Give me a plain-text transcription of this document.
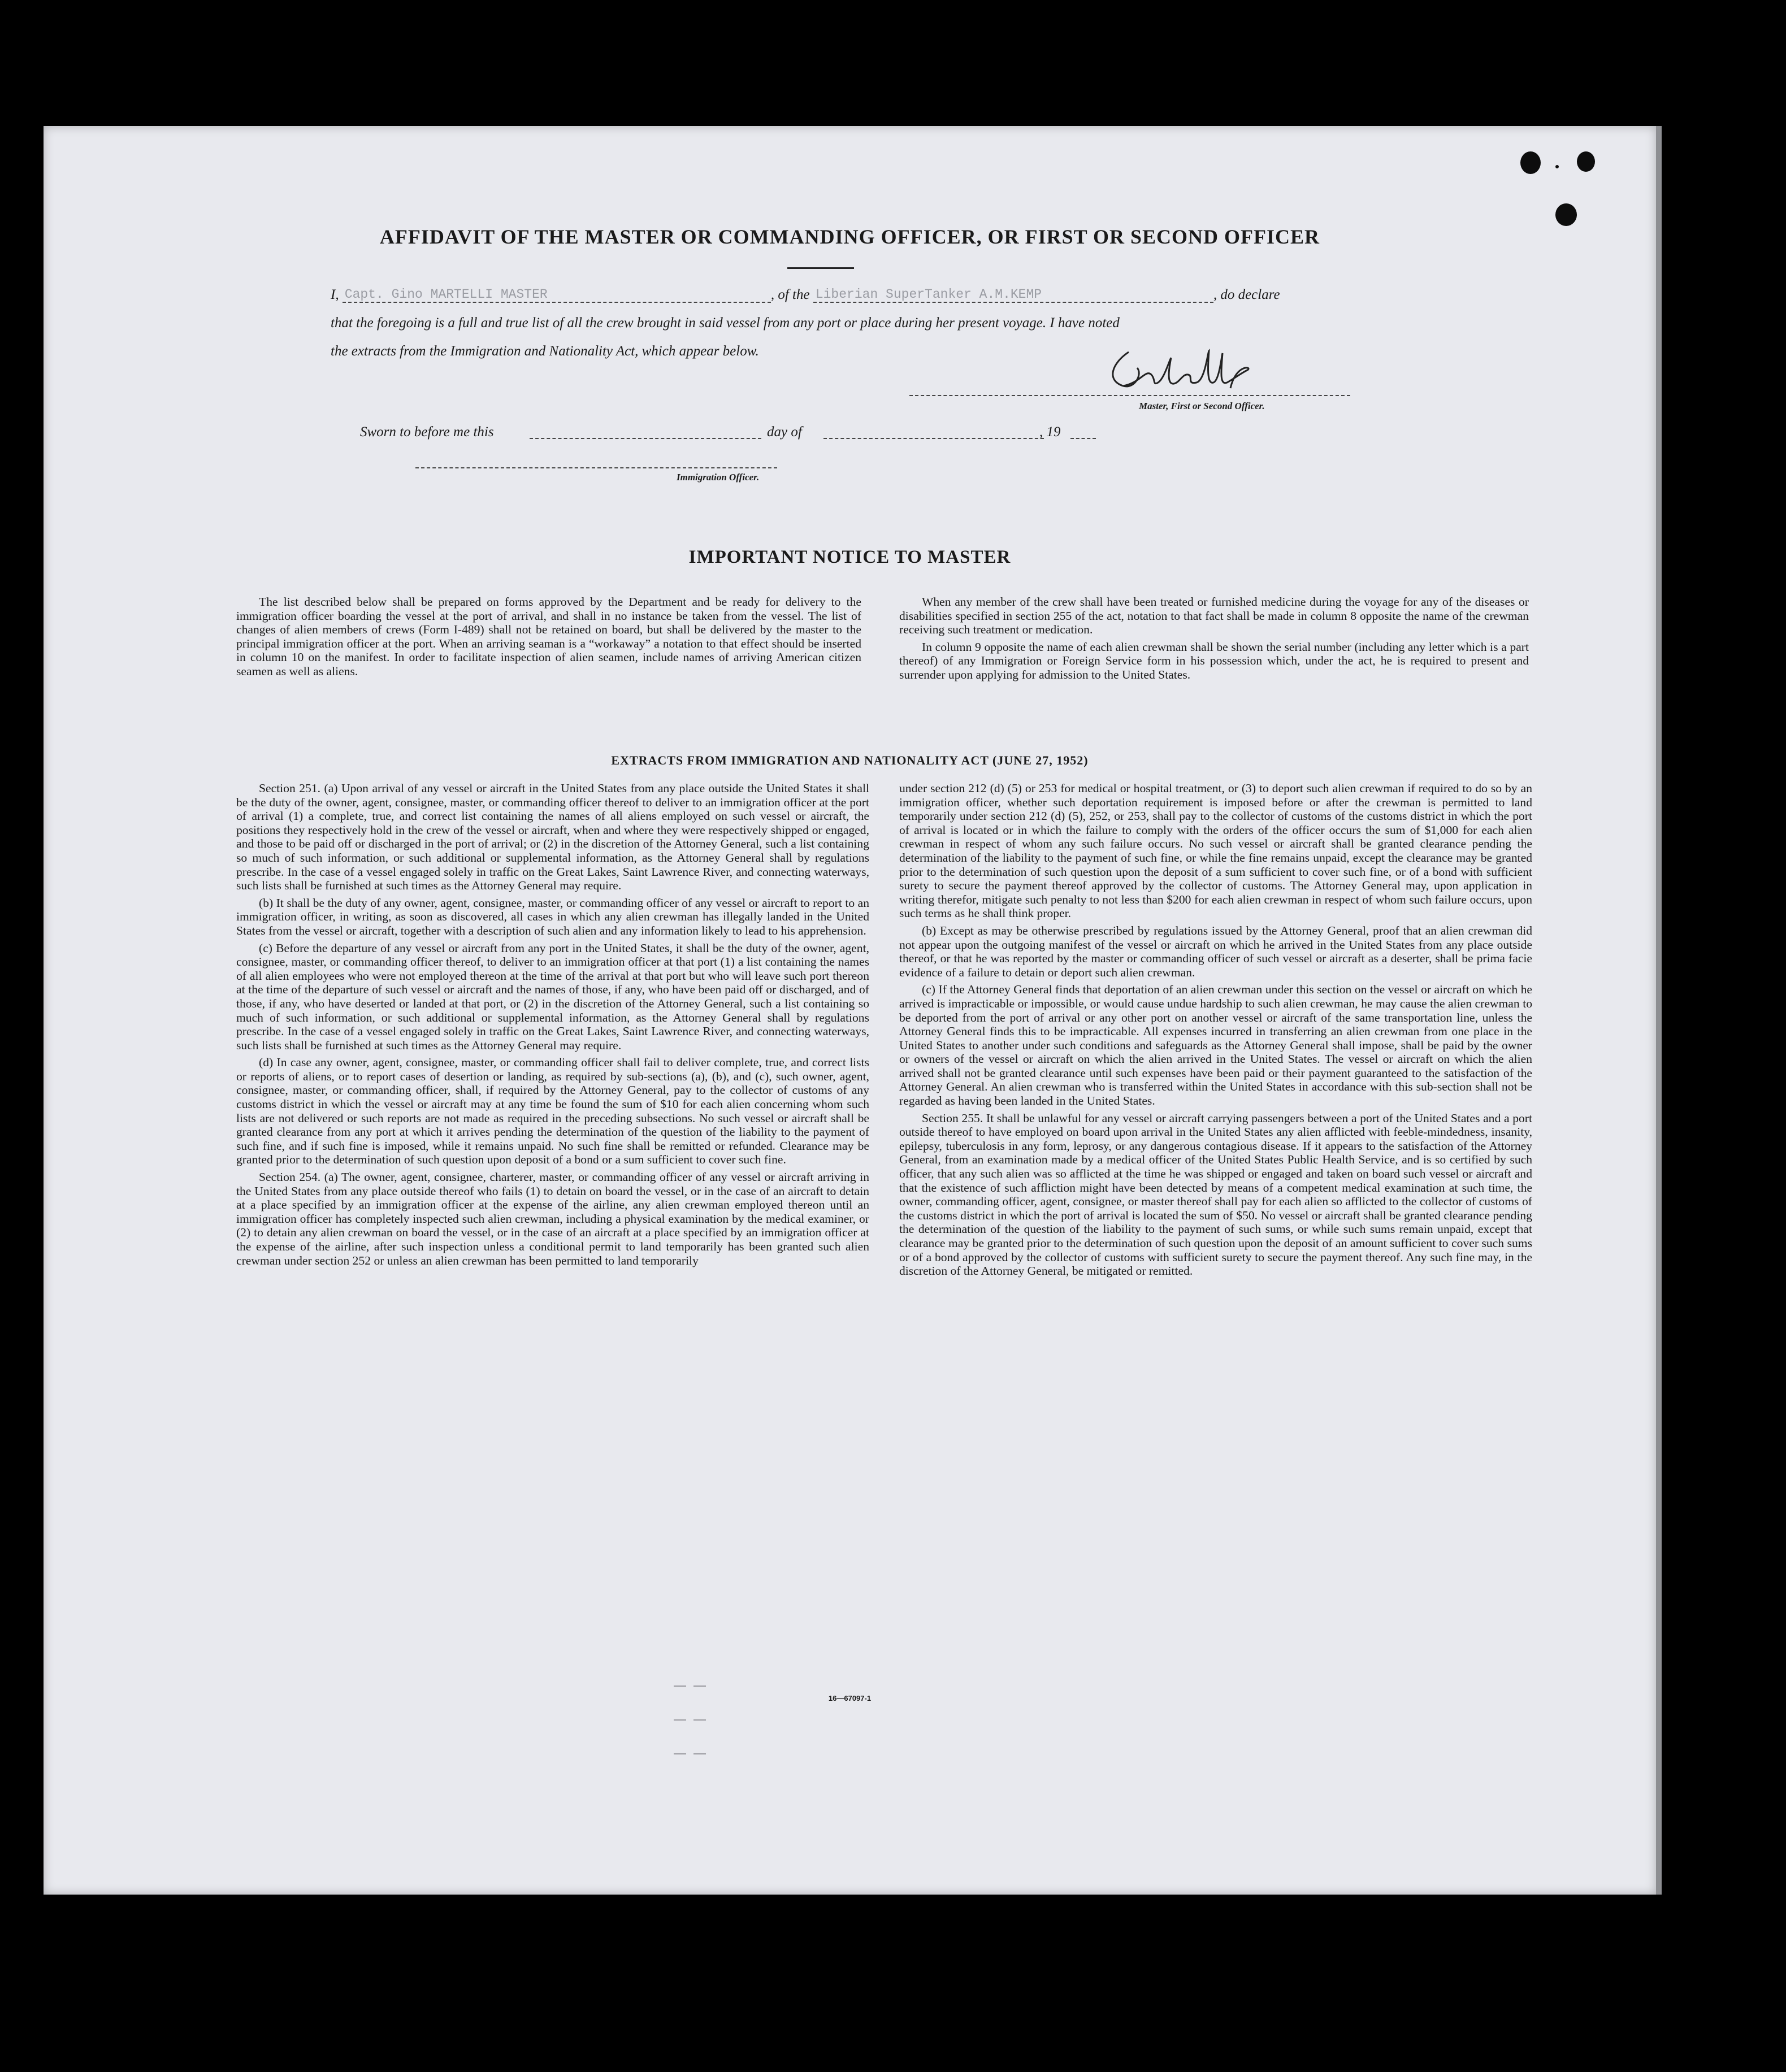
AFFIDAVIT OF THE MASTER OR COMMANDING OFFICER, OR FIRST OR SECOND OFFICER
I, Capt. Gino MARTELLI MASTER	, of the Liberian SuperTanker A.M.KEMP	, do declare
that the foregoing is a full and true list of all the crew brought in said vessel from any port or place during her present voyage. I have noted
the extracts from the Immigration and Nationality Act, which appear below.
Master, First or Second Officer.
Sworn to before me this	day of	, 19
Immigration Officer.
IMPORTANT NOTICE TO MASTER

The list described below shall be prepared on forms approved by the Department and be ready for delivery to the immigration officer boarding the vessel at the port of arrival, and shall in no instance be taken from the vessel. The list of changes of alien members of crews (Form I-489) shall not be retained on board, but shall be delivered by the master to the principal immigration officer at the port. When an arriving seaman is a “workaway” a notation to that effect should be inserted in column 10 on the manifest. In order to facilitate inspection of alien seamen, include names of arriving American citizen seamen as well as aliens.

When any member of the crew shall have been treated or furnished medicine during the voyage for any of the diseases or disabilities specified in section 255 of the act, notation to that fact shall be made in column 8 opposite the name of the crewman receiving such treatment or medication.

In column 9 opposite the name of each alien crewman shall be shown the serial number (including any letter which is a part thereof) of any Immigration or Foreign Service form in his possession which, under the act, he is required to present and surrender upon applying for admission to the United States.

EXTRACTS FROM IMMIGRATION AND NATIONALITY ACT (JUNE 27, 1952)

Section 251. (a) Upon arrival of any vessel or aircraft in the United States from any place outside the United States it shall be the duty of the owner, agent, consignee, master, or commanding officer thereof to deliver to an immigration officer at the port of arrival (1) a complete, true, and correct list containing the names of all aliens employed on such vessel or aircraft, the positions they respectively hold in the crew of the vessel or aircraft, when and where they were respectively shipped or engaged, and those to be paid off or discharged in the port of arrival; or (2) in the discretion of the Attorney General, such a list containing so much of such information, or such additional or supplemental information, as the Attorney General shall by regulations prescribe. In the case of a vessel engaged solely in traffic on the Great Lakes, Saint Lawrence River, and connecting waterways, such lists shall be furnished at such times as the Attorney General may require.

(b) It shall be the duty of any owner, agent, consignee, master, or commanding officer of any vessel or aircraft to report to an immigration officer, in writing, as soon as discovered, all cases in which any alien crewman has illegally landed in the United States from the vessel or aircraft, together with a description of such alien and any information likely to lead to his apprehension.

(c) Before the departure of any vessel or aircraft from any port in the United States, it shall be the duty of the owner, agent, consignee, master, or commanding officer thereof, to deliver to an immigration officer at that port (1) a list containing the names of all alien employees who were not employed thereon at the time of the arrival at that port but who will leave such port thereon at the time of the departure of such vessel or aircraft and the names of those, if any, who have been paid off or discharged, and of those, if any, who have deserted or landed at that port, or (2) in the discretion of the Attorney General, such a list containing so much of such information, or such additional or supplemental information, as the Attorney General shall by regulations prescribe. In the case of a vessel engaged solely in traffic on the Great Lakes, Saint Lawrence River, and connecting waterways, such lists shall be furnished at such times as the Attorney General may require.

(d) In case any owner, agent, consignee, master, or commanding officer shall fail to deliver complete, true, and correct lists or reports of aliens, or to report cases of desertion or landing, as required by sub-sections (a), (b), and (c), such owner, agent, consignee, master, or commanding officer, shall, if required by the Attorney General, pay to the collector of customs of any customs district in which the vessel or aircraft may at any time be found the sum of $10 for each alien concerning whom such lists are not delivered or such reports are not made as required in the preceding subsections. No such vessel or aircraft shall be granted clearance from any port at which it arrives pending the determination of the question of the liability to the payment of such fine, and if such fine is imposed, while it remains unpaid. No such fine shall be remitted or refunded. Clearance may be granted prior to the determination of such question upon deposit of a bond or a sum sufficient to cover such fine.

Section 254. (a) The owner, agent, consignee, charterer, master, or commanding officer of any vessel or aircraft arriving in the United States from any place outside thereof who fails (1) to detain on board the vessel, or in the case of an aircraft to detain at a place specified by an immigration officer at the expense of the airline, any alien crewman employed thereon until an immigration officer has completely inspected such alien crewman, including a physical examination by the medical examiner, or (2) to detain any alien crewman on board the vessel, or in the case of an aircraft at a place specified by an immigration officer at the expense of the airline, after such inspection unless a conditional permit to land temporarily has been granted such alien crewman under section 252 or unless an alien crewman has been permitted to land temporarily

under section 212 (d) (5) or 253 for medical or hospital treatment, or (3) to deport such alien crewman if required to do so by an immigration officer, whether such deportation requirement is imposed before or after the crewman is permitted to land temporarily under section 212 (d) (5), 252, or 253, shall pay to the collector of customs of the customs district in which the port of arrival is located or in which the failure to comply with the orders of the officer occurs the sum of $1,000 for each alien crewman in respect of whom any such failure occurs. No such vessel or aircraft shall be granted clearance pending the determination of the liability to the payment of such fine, or while the fine remains unpaid, except the clearance may be granted prior to the determination of such question upon the deposit of a sum sufficient to cover such fine, or of a bond with sufficient surety to secure the payment thereof approved by the collector of customs. The Attorney General may, upon application in writing therefor, mitigate such penalty to not less than $200 for each alien crewman in respect of whom such failure occurs, upon such terms as he shall think proper.

(b) Except as may be otherwise prescribed by regulations issued by the Attorney General, proof that an alien crewman did not appear upon the outgoing manifest of the vessel or aircraft on which he arrived in the United States from any place outside thereof, or that he was reported by the master or commanding officer of such vessel or aircraft as a deserter, shall be prima facie evidence of a failure to detain or deport such alien crewman.

(c) If the Attorney General finds that deportation of an alien crewman under this section on the vessel or aircraft on which he arrived is impracticable or impossible, or would cause undue hardship to such alien crewman, he may cause the alien crewman to be deported from the port of arrival or any other port on another vessel or aircraft of the same transportation line, unless the Attorney General finds this to be impracticable. All expenses incurred in transferring an alien crewman from one place in the United States to another under such conditions and safeguards as the Attorney General shall impose, shall be paid by the owner or owners of the vessel or aircraft on which the alien arrived in the United States. The vessel or aircraft on which the alien arrived shall not be granted clearance until such expenses have been paid or their payment guaranteed to the satisfaction of the Attorney General. An alien crewman who is transferred within the United States in accordance with this sub-section shall not be regarded as having been landed in the United States.

Section 255. It shall be unlawful for any vessel or aircraft carrying passengers between a port of the United States and a port outside thereof to have employed on board upon arrival in the United States any alien afflicted with feeble-mindedness, insanity, epilepsy, tuberculosis in any form, leprosy, or any dangerous contagious disease. If it appears to the satisfaction of the Attorney General, from an examination made by a medical officer of the United States Public Health Service, and is so certified by such officer, that any such alien was so afflicted at the time he was shipped or engaged and taken on board such vessel or aircraft and that the existence of such affliction might have been detected by means of a competent medical examination at such time, the owner, commanding officer, agent, consignee, or master thereof shall pay for each alien so afflicted to the collector of customs of the customs district in which the port of arrival is located the sum of $50. No vessel or aircraft shall be granted clearance pending the determination of the question of the liability to the payment of such sums, or while such sums remain unpaid, except that clearance may be granted prior to the determination of such question upon the deposit of an amount sufficient to cover such sums or of a bond approved by the collector of customs with sufficient surety to secure the payment thereof. Any such fine may, in the discretion of the Attorney General, be mitigated or remitted.

16—67097-1
